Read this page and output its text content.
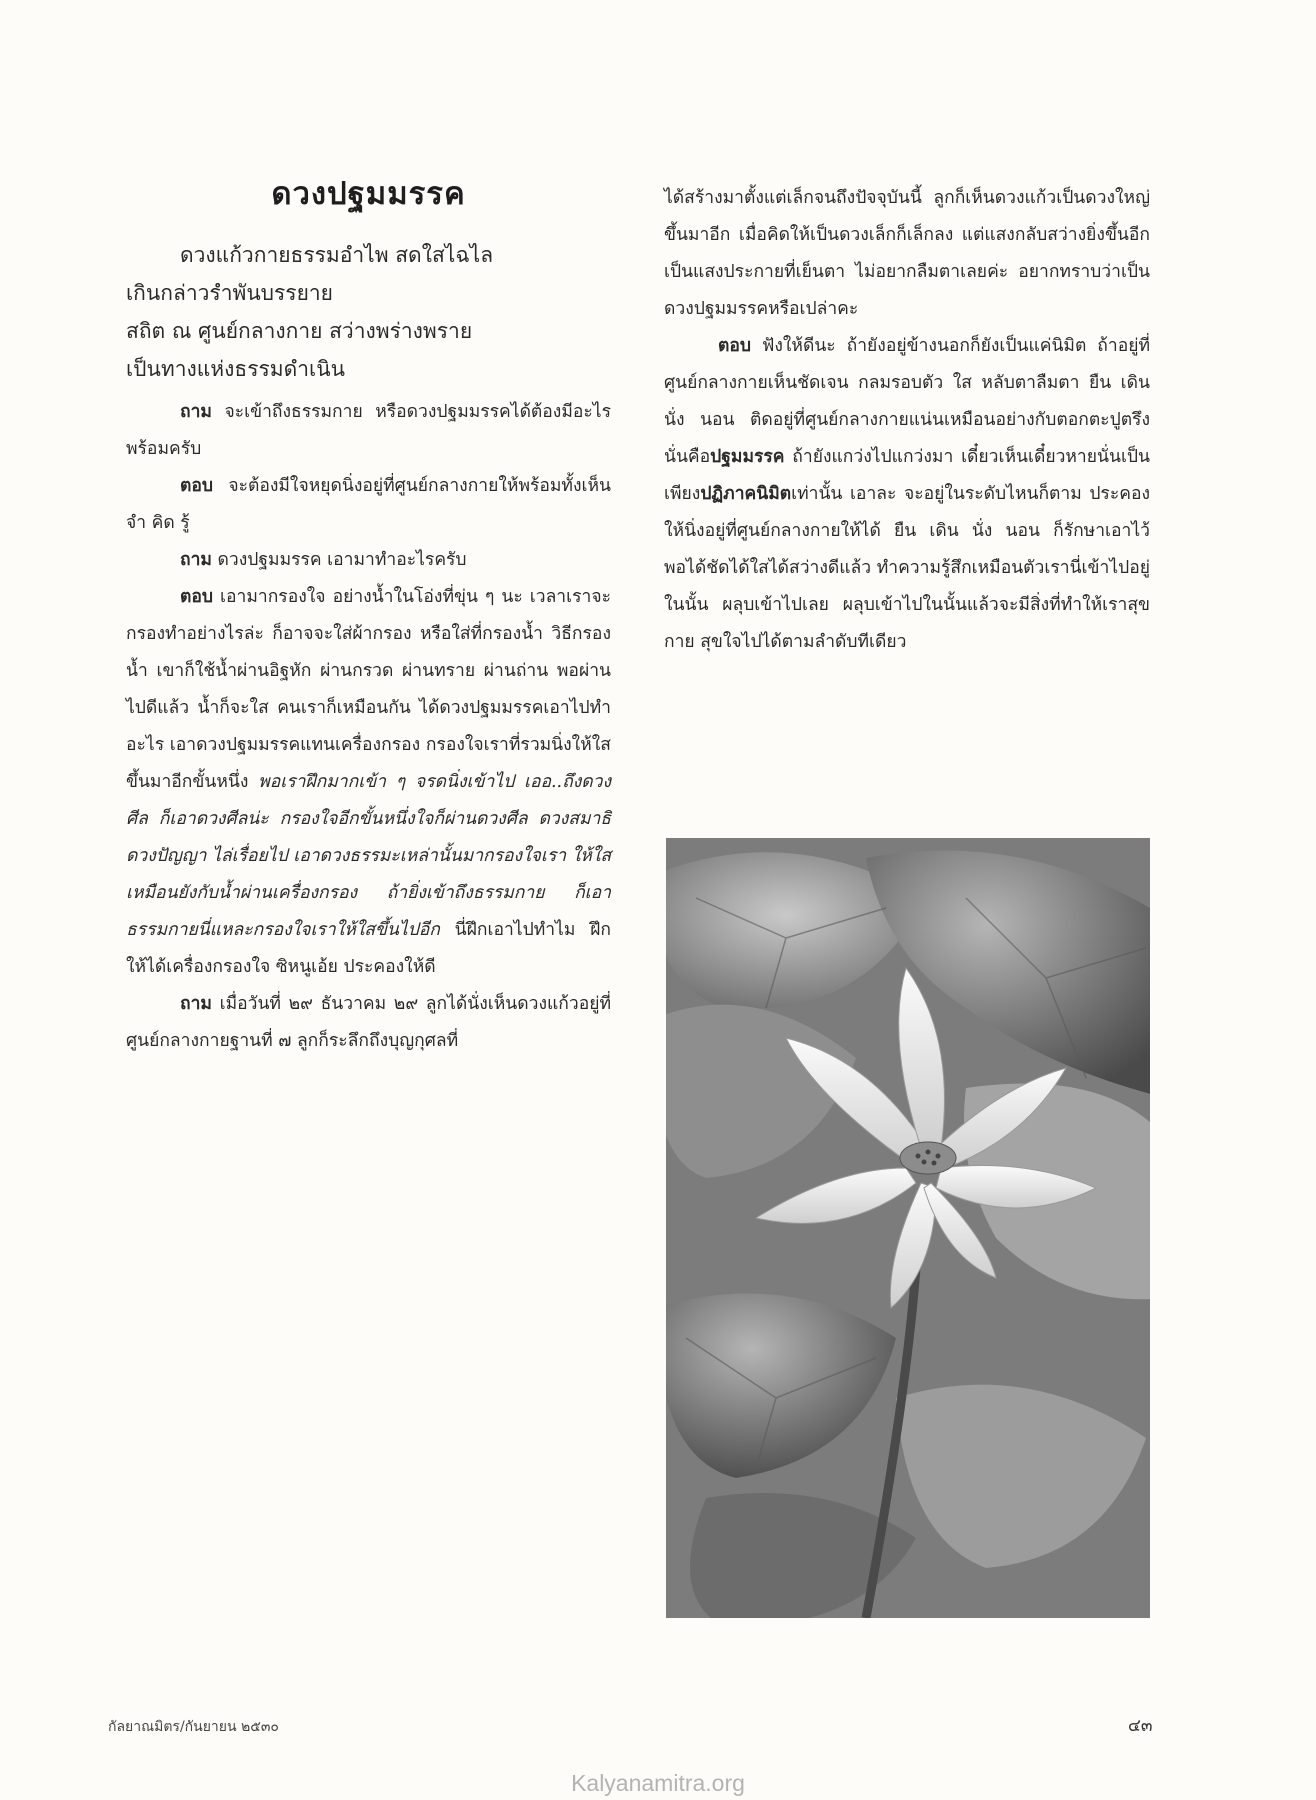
ดวงปฐมมรรค
ดวงแก้วกายธรรมอำไพ สดใสไฉไล
เกินกล่าวรำพันบรรยาย
สถิต ณ ศูนย์กลางกาย สว่างพร่างพราย
เป็นทางแห่งธรรมดำเนิน

ถาม จะเข้าถึงธรรมกาย หรือดวงปฐมมรรคได้ต้องมีอะไรพร้อมครับ

ตอบ จะต้องมีใจหยุดนิ่งอยู่ที่ศูนย์กลางกายให้พร้อมทั้งเห็น จำ คิด รู้

ถาม ดวงปฐมมรรค เอามาทำอะไรครับ

ตอบ เอามากรองใจ อย่างน้ำในโอ่งที่ขุ่น ๆ นะ เวลาเราจะกรองทำอย่างไรล่ะ ก็อาจจะใส่ผ้ากรอง หรือใส่ที่กรองน้ำ วิธีกรองน้ำ เขาก็ใช้น้ำผ่านอิฐหัก ผ่านกรวด ผ่านทราย ผ่านถ่าน พอผ่านไปดีแล้ว น้ำก็จะใส คนเราก็เหมือนกัน ได้ดวงปฐมมรรคเอาไปทำอะไร เอาดวงปฐมมรรคแทนเครื่องกรอง กรองใจเราที่รวมนิ่งให้ใสขึ้นมาอีกขั้นหนึ่ง พอเราฝึกมากเข้า ๆ จรดนิ่งเข้าไป เออ..ถึงดวงศีล ก็เอาดวงศีลน่ะ กรองใจอีกขั้นหนึ่งใจก็ผ่านดวงศีล ดวงสมาธิ ดวงปัญญา ไล่เรื่อยไป เอาดวงธรรมะเหล่านั้นมากรองใจเรา ให้ใสเหมือนยังกับน้ำผ่านเครื่องกรอง ถ้ายิ่งเข้าถึงธรรมกาย ก็เอาธรรมกายนี่แหละกรองใจเราให้ใสขึ้นไปอีก นี่ฝึกเอาไปทำไม ฝึกให้ได้เครื่องกรองใจ ซิหนูเอ้ย ประคองให้ดี

ถาม เมื่อวันที่ ๒๙ ธันวาคม ๒๙ ลูกได้นั่งเห็นดวงแก้วอยู่ที่ศูนย์กลางกายฐานที่ ๗ ลูกก็ระลึกถึงบุญกุศลที่

ได้สร้างมาตั้งแต่เล็กจนถึงปัจจุบันนี้ ลูกก็เห็นดวงแก้วเป็นดวงใหญ่ขึ้นมาอีก เมื่อคิดให้เป็นดวงเล็กก็เล็กลง แต่แสงกลับสว่างยิ่งขึ้นอีก เป็นแสงประกายที่เย็นตา ไม่อยากลืมตาเลยค่ะ อยากทราบว่าเป็นดวงปฐมมรรคหรือเปล่าคะ

ตอบ ฟังให้ดีนะ ถ้ายังอยู่ข้างนอกก็ยังเป็นแค่นิมิต ถ้าอยู่ที่ศูนย์กลางกายเห็นชัดเจน กลมรอบตัว ใส หลับตาลืมตา ยืน เดิน นั่ง นอน ติดอยู่ที่ศูนย์กลางกายแน่นเหมือนอย่างกับตอกตะปูตรึง นั่นคือปฐมมรรค ถ้ายังแกว่งไปแกว่งมา เดี๋ยวเห็นเดี๋ยวหายนั่นเป็นเพียงปฏิภาคนิมิตเท่านั้น เอาละ จะอยู่ในระดับไหนก็ตาม ประคองให้นิ่งอยู่ที่ศูนย์กลางกายให้ได้ ยืน เดิน นั่ง นอน ก็รักษาเอาไว้ พอได้ชัดได้ใสได้สว่างดีแล้ว ทำความรู้สึกเหมือนตัวเรานี่เข้าไปอยู่ในนั้น ผลุบเข้าไปเลย ผลุบเข้าไปในนั้นแล้วจะมีสิ่งที่ทำให้เราสุขกาย สุขใจไปได้ตามลำดับทีเดียว

กัลยาณมิตร/กันยายน ๒๕๓๐	๔๓
Kalyanamitra.org
